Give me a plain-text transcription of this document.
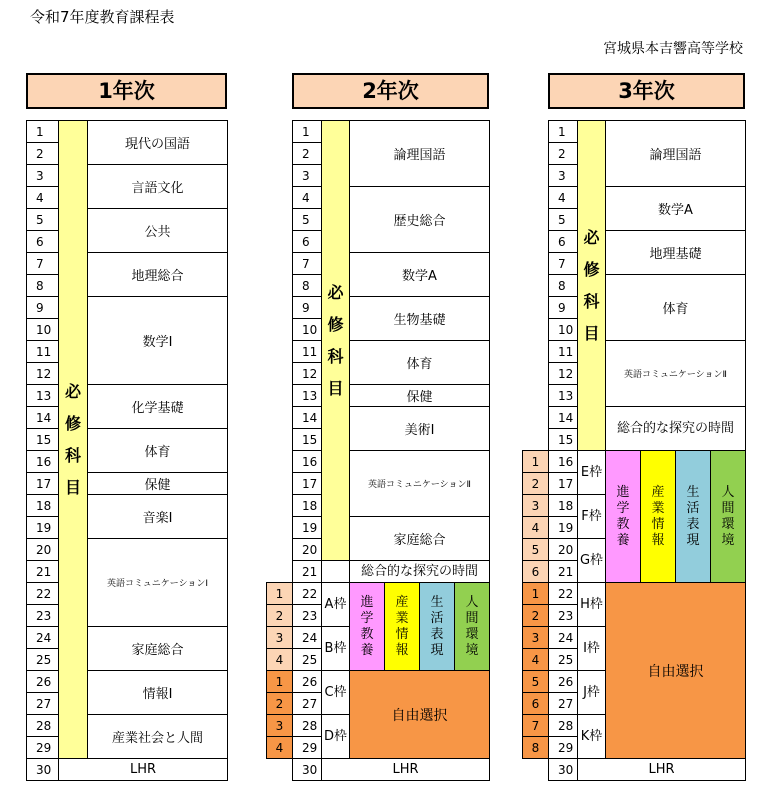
令和7年度教育課程表
宮城県本吉響高等学校
1年次	2年次	3年次
1
2
3
4
5
6
7
8
9
10
11
12
13
14
15
16
17
18
19
20
21
22
23
24
25
26
27
28
29
30
必
修
科
目
現代の国語
言語文化
公共
地理総合
数学Ⅰ
化学基礎
体育
保健
音楽Ⅰ
英語コミュニケーションⅠ
家庭総合
情報Ⅰ
産業社会と人間
LHR
1
2
3
4
5
6
7
8
9
10
11
12
13
14
15
16
17
18
19
20
21
22
23
24
25
26
27
28
29
30
必
修
科
目
論理国語
歴史総合
数学A
生物基礎
体育
保健
美術Ⅰ
英語コミュニケーションⅡ
家庭総合
総合的な探究の時間
1
2
3
4
1
2
3
4
A枠

B枠

C枠

D枠

進
学
教
養
産
業
情
報
生
活
表
現
人
間
環
境
自由選択
LHR
1
2
3
4
5
6
7
8
9
10
11
12
13
14
15
16
17
18
19
20
21
22
23
24
25
26
27
28
29
30
必
修
科
目
論理国語
数学A
地理基礎
体育
英語コミュニケーションⅡ
総合的な探究の時間
1
2
3
4
5
6
1
2
3
4
5
6
7
8
E枠

F枠

G枠

H枠

I枠

J枠

K枠

進
学
教
養
産
業
情
報
生
活
表
現
人
間
環
境
自由選択
LHR
